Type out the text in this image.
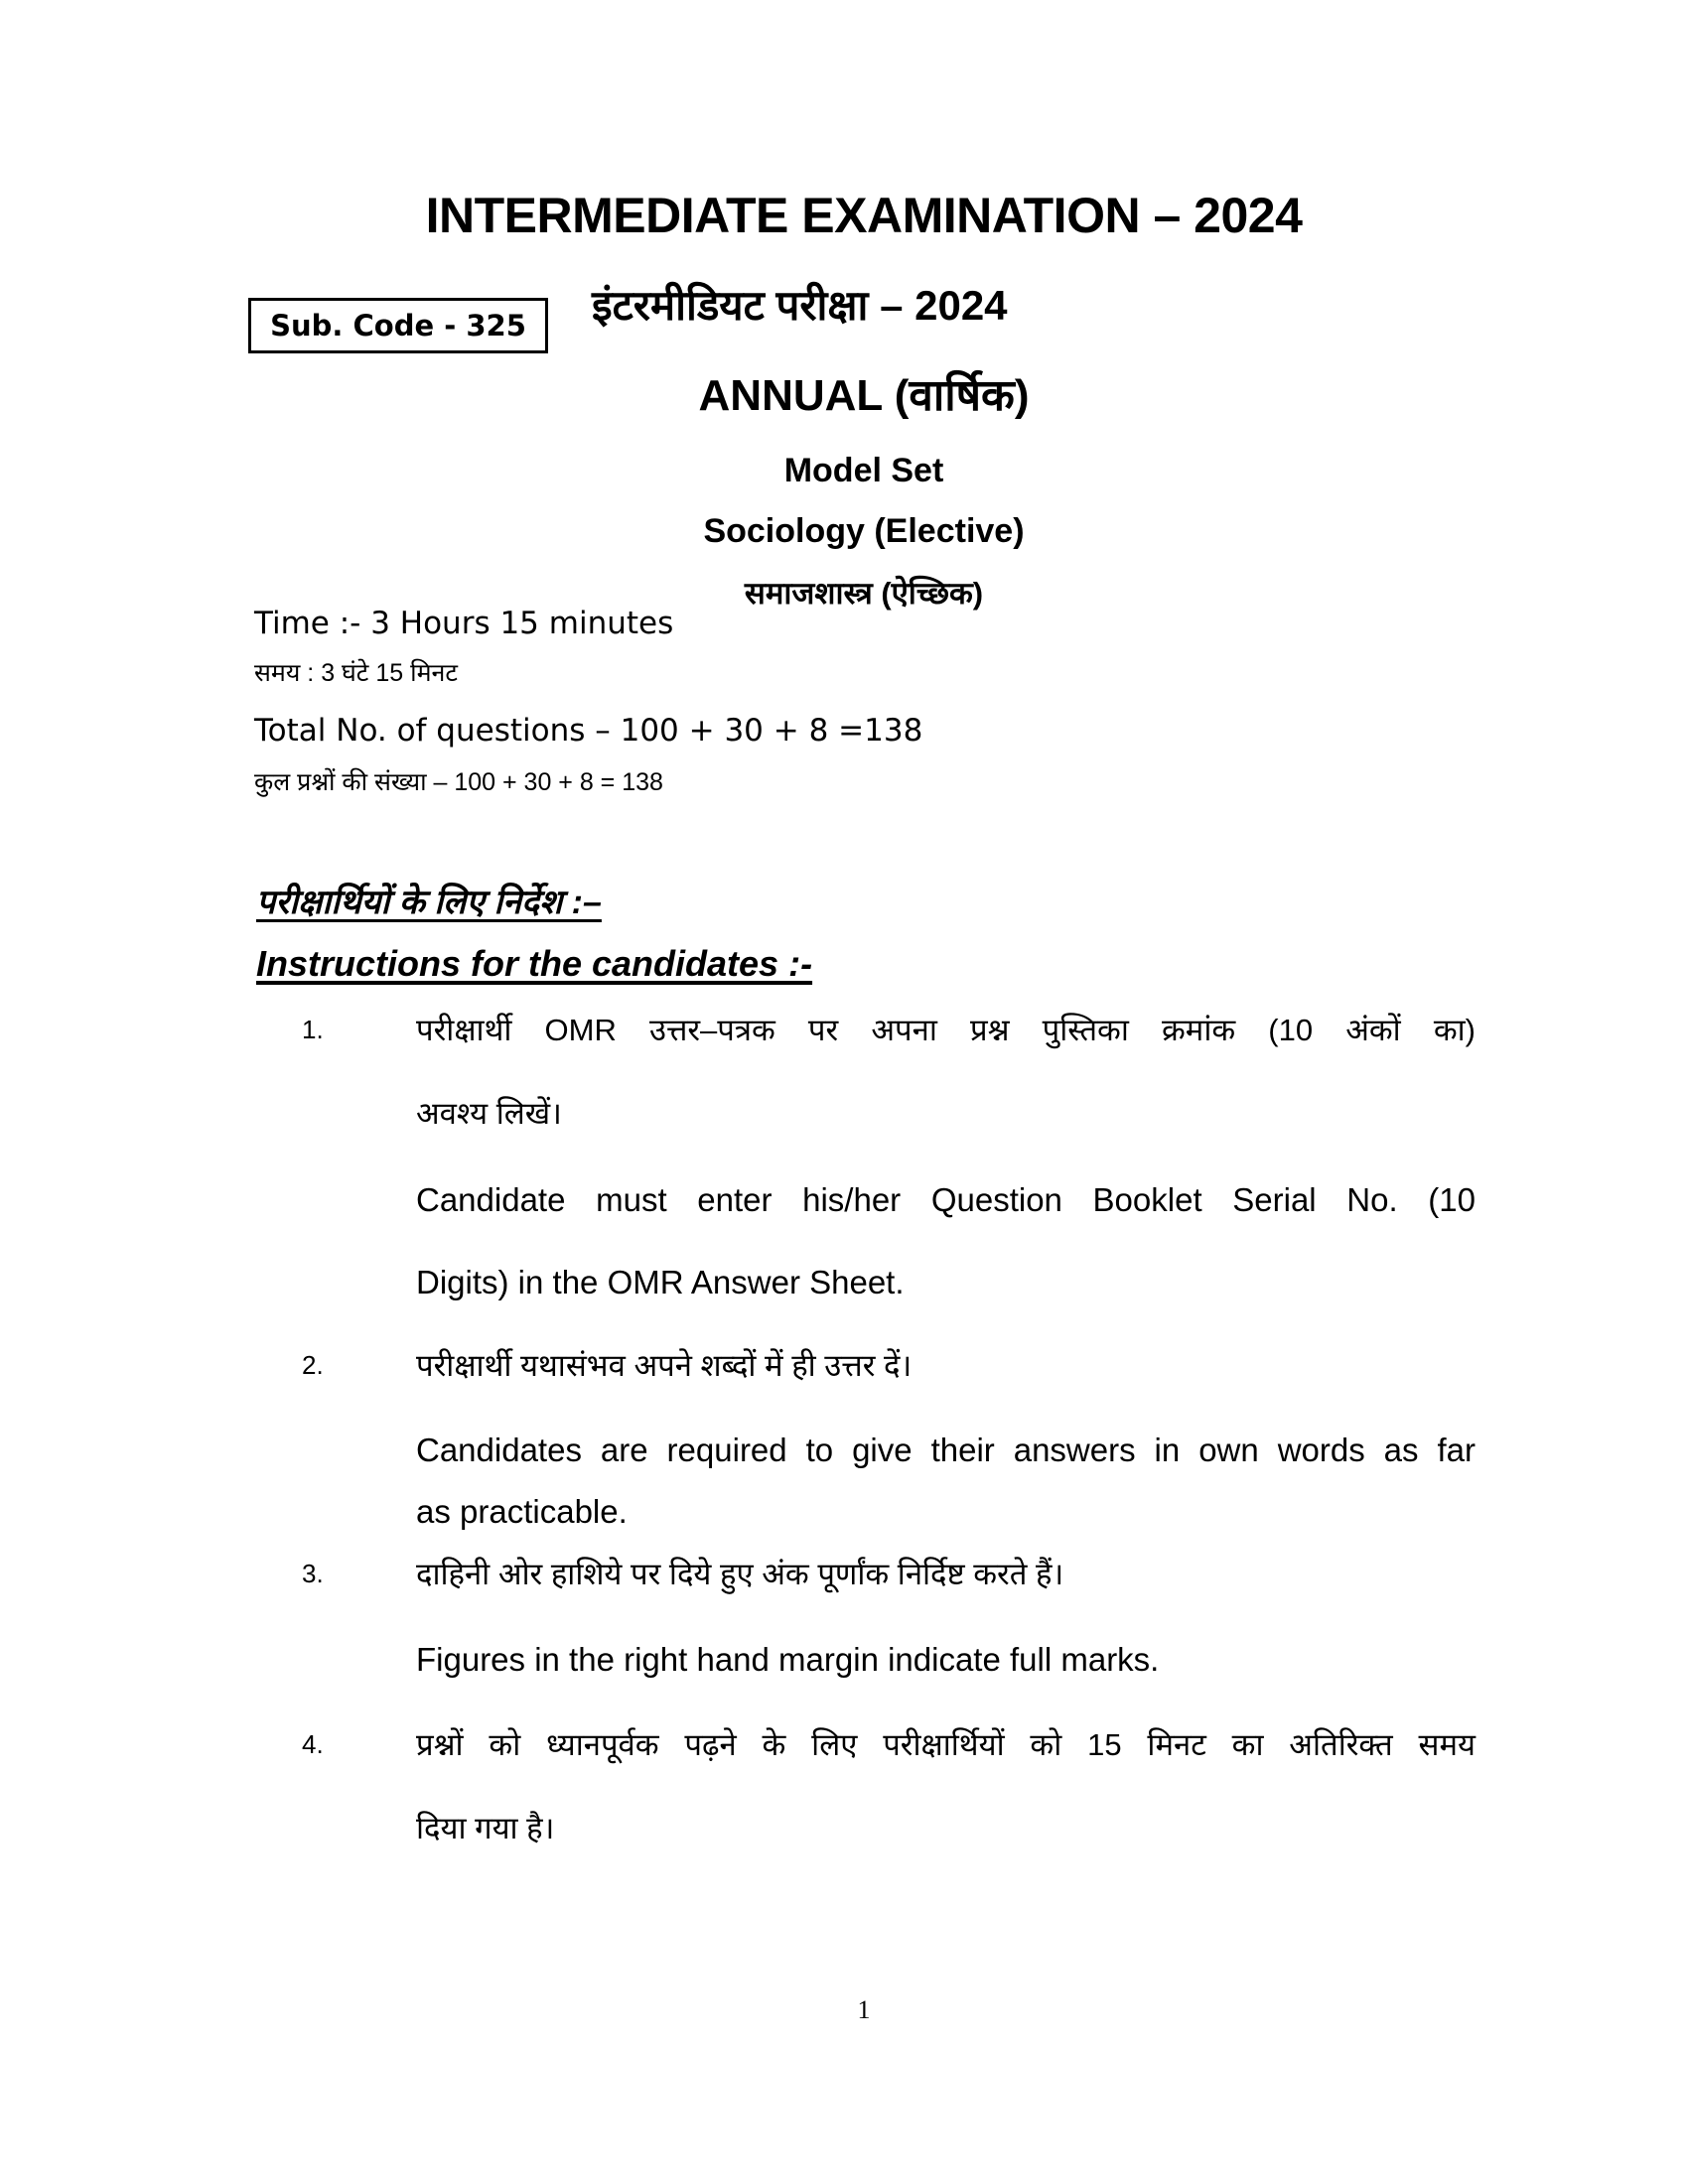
INTERMEDIATE EXAMINATION – 2024
Sub. Code - 325 इंटरमीडियट परीक्षा – 2024
ANNUAL (वार्षिक)
Model Set
Sociology (Elective)
समाजशास्त्र (ऐच्छिक)
Time :- 3 Hours 15 minutes
समय : 3 घंटे 15 मिनट
Total No. of questions – 100 + 30 + 8 =138
कुल प्रश्नों की संख्या – 100 + 30 + 8 = 138
परीक्षार्थियों के लिए निर्देश :–
Instructions for the candidates :-
1.	परीक्षार्थी OMR उत्तर–पत्रक पर अपना प्रश्न पुस्तिका क्रमांक (10 अंकों का)
अवश्य लिखें।
Candidate must enter his/her Question Booklet Serial No. (10
Digits) in the OMR Answer Sheet.
2.	परीक्षार्थी यथासंभव अपने शब्दों में ही उत्तर दें।
Candidates are required to give their answers in own words as far
as practicable.
3.	दाहिनी ओर हाशिये पर दिये हुए अंक पूर्णांक निर्दिष्ट करते हैं।
Figures in the right hand margin indicate full marks.
4.	प्रश्नों को ध्यानपूर्वक पढ़ने के लिए परीक्षार्थियों को 15 मिनट का अतिरिक्त समय
दिया गया है।
1
